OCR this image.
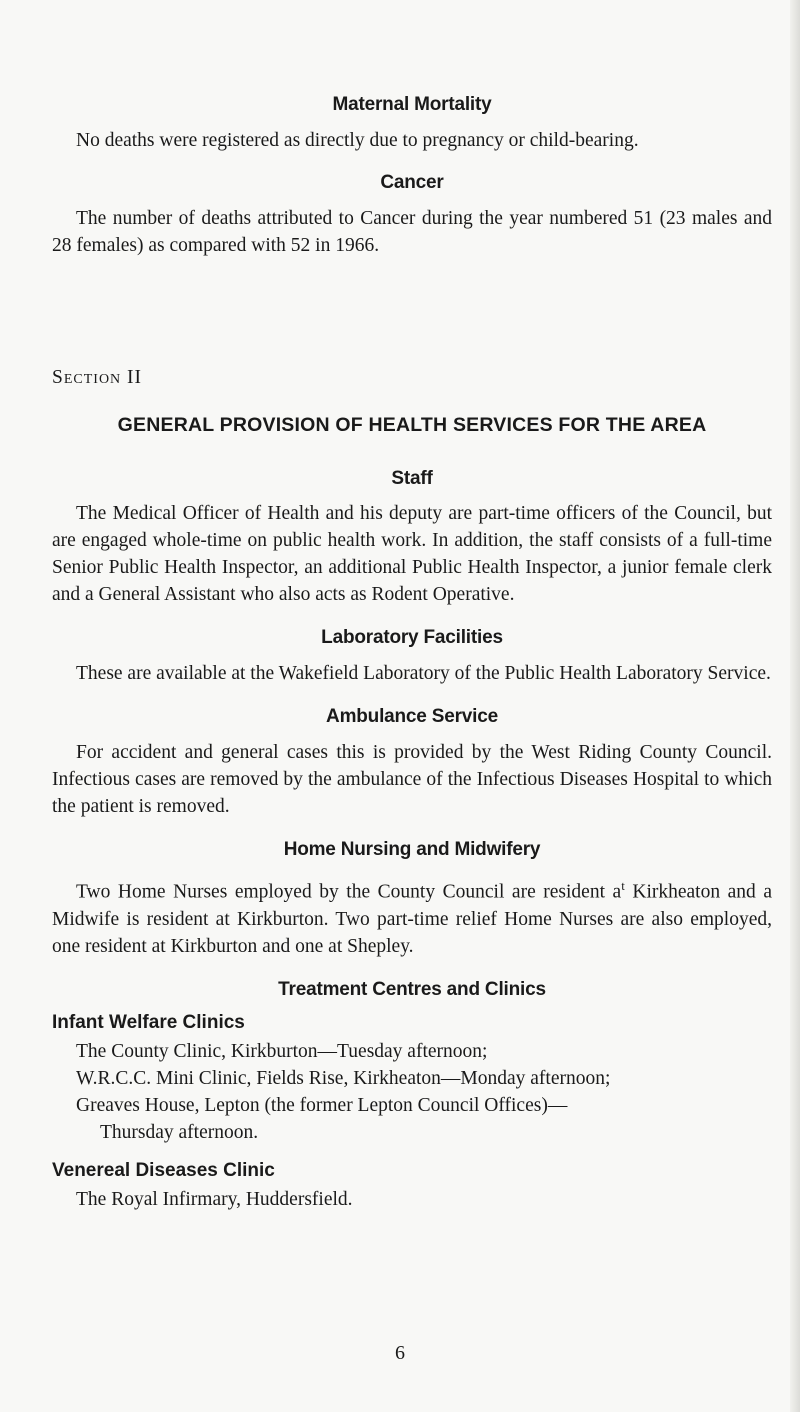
Maternal Mortality

No deaths were registered as directly due to pregnancy or child-bearing.

Cancer

The number of deaths attributed to Cancer during the year numbered 51 (23 males and 28 females) as compared with 52 in 1966.

Section II
GENERAL PROVISION OF HEALTH SERVICES FOR THE AREA
Staff

The Medical Officer of Health and his deputy are part-time officers of the Council, but are engaged whole-time on public health work. In addition, the staff consists of a full-time Senior Public Health Inspector, an additional Public Health Inspector, a junior female clerk and a General Assistant who also acts as Rodent Operative.

Laboratory Facilities

These are available at the Wakefield Laboratory of the Public Health Laboratory Service.

Ambulance Service

For accident and general cases this is provided by the West Riding County Council. Infectious cases are removed by the ambulance of the Infectious Diseases Hospital to which the patient is removed.

Home Nursing and Midwifery

Two Home Nurses employed by the County Council are resident $a^t$ Kirkheaton and a Midwife is resident at Kirkburton. Two part-time relief Home Nurses are also employed, one resident at Kirkburton and one at Shepley.

Treatment Centres and Clinics
Infant Welfare Clinics
The County Clinic, Kirkburton—Tuesday afternoon;
W.R.C.C. Mini Clinic, Fields Rise, Kirkheaton—Monday afternoon;
Greaves House, Lepton (the former Lepton Council Offices)—
Thursday afternoon.
Venereal Diseases Clinic
The Royal Infirmary, Huddersfield.
6
